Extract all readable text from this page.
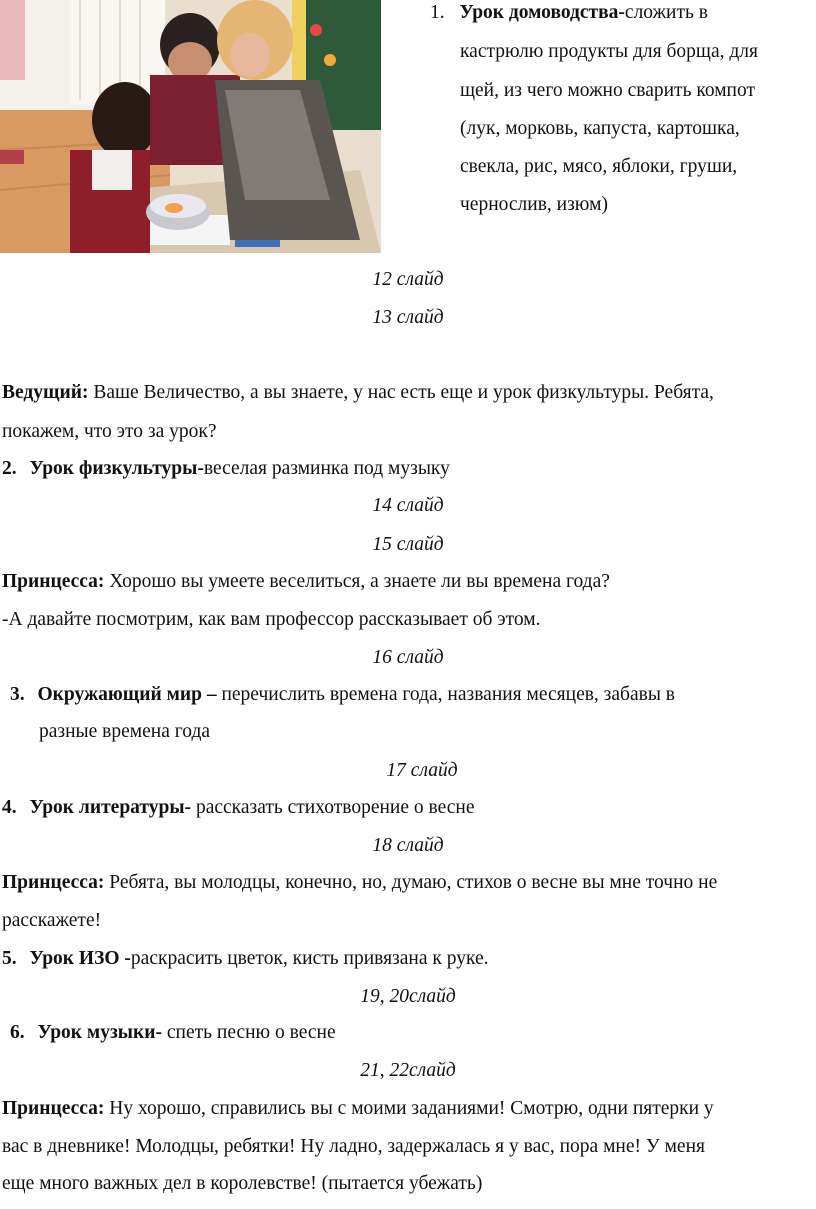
1. Урок домоводства-сложить в
кастрюлю продукты для борща, для
щей, из чего можно сварить компот
(лук, морковь, капуста, картошка,
свекла, рис, мясо, яблоки, груши,
чернослив, изюм)
12 слайд
13 слайд
Ведущий: Ваше Величество, а вы знаете, у нас есть еще и урок физкультуры. Ребята,
покажем, что это за урок?
2. Урок физкультуры-веселая разминка под музыку
14 слайд
15 слайд
Принцесса: Хорошо вы умеете веселиться, а знаете ли вы времена года?
-А давайте посмотрим, как вам профессор рассказывает об этом.
16 слайд
3. Окружающий мир – перечислить времена года, названия месяцев, забавы в
разные времена года
17 слайд
4. Урок литературы- рассказать стихотворение о весне
18 слайд
Принцесса: Ребята, вы молодцы, конечно, но, думаю, стихов о весне вы мне точно не
расскажете!
5. Урок ИЗО -раскрасить цветок, кисть привязана к руке.
19, 20слайд
6. Урок музыки- спеть песню о весне
21, 22слайд
Принцесса: Ну хорошо, справились вы с моими заданиями! Смотрю, одни пятерки у
вас в дневнике! Молодцы, ребятки! Ну ладно, задержалась я у вас, пора мне! У меня
еще много важных дел в королевстве! (пытается убежать)
